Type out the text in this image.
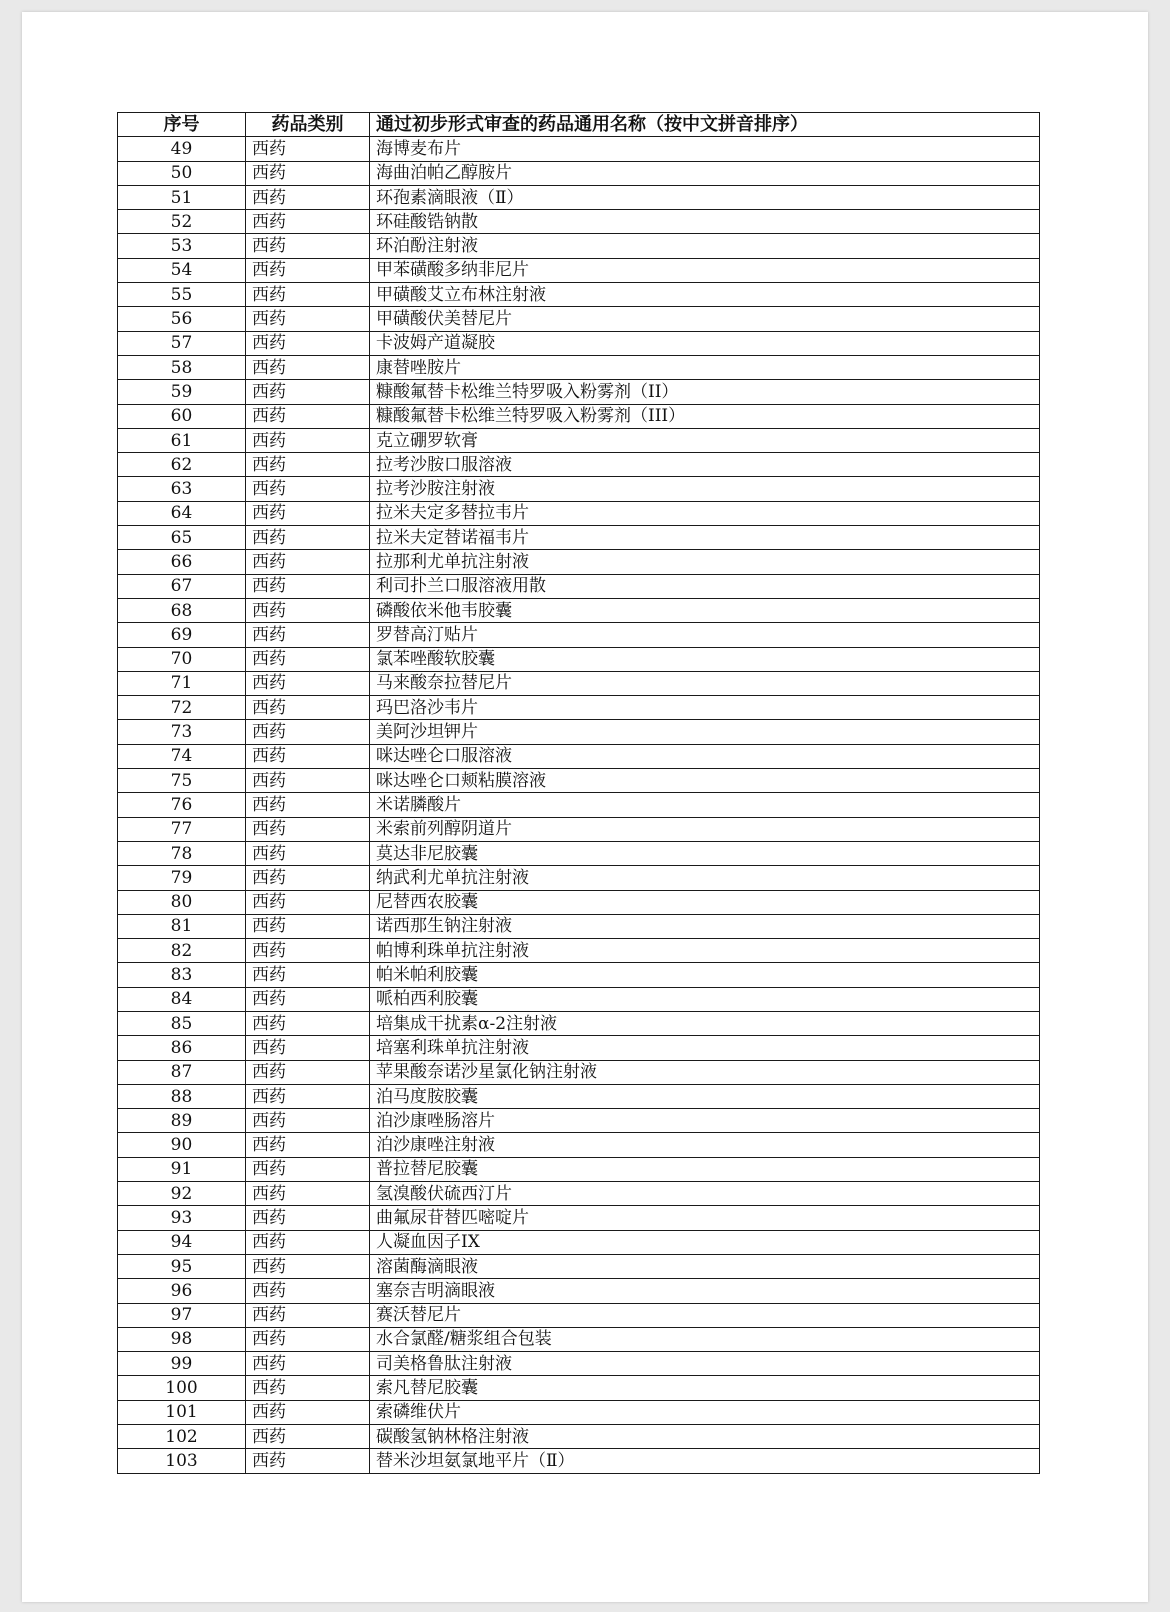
序号	药品类别	通过初步形式审查的药品通用名称（按中文拼音排序）
49	西药	海博麦布片
50	西药	海曲泊帕乙醇胺片
51	西药	环孢素滴眼液（Ⅱ）
52	西药	环硅酸锆钠散
53	西药	环泊酚注射液
54	西药	甲苯磺酸多纳非尼片
55	西药	甲磺酸艾立布林注射液
56	西药	甲磺酸伏美替尼片
57	西药	卡波姆产道凝胶
58	西药	康替唑胺片
59	西药	糠酸氟替卡松维兰特罗吸入粉雾剂（II）
60	西药	糠酸氟替卡松维兰特罗吸入粉雾剂（III）
61	西药	克立硼罗软膏
62	西药	拉考沙胺口服溶液
63	西药	拉考沙胺注射液
64	西药	拉米夫定多替拉韦片
65	西药	拉米夫定替诺福韦片
66	西药	拉那利尤单抗注射液
67	西药	利司扑兰口服溶液用散
68	西药	磷酸依米他韦胶囊
69	西药	罗替高汀贴片
70	西药	氯苯唑酸软胶囊
71	西药	马来酸奈拉替尼片
72	西药	玛巴洛沙韦片
73	西药	美阿沙坦钾片
74	西药	咪达唑仑口服溶液
75	西药	咪达唑仑口颊粘膜溶液
76	西药	米诺膦酸片
77	西药	米索前列醇阴道片
78	西药	莫达非尼胶囊
79	西药	纳武利尤单抗注射液
80	西药	尼替西农胶囊
81	西药	诺西那生钠注射液
82	西药	帕博利珠单抗注射液
83	西药	帕米帕利胶囊
84	西药	哌柏西利胶囊
85	西药	培集成干扰素α-2注射液
86	西药	培塞利珠单抗注射液
87	西药	苹果酸奈诺沙星氯化钠注射液
88	西药	泊马度胺胶囊
89	西药	泊沙康唑肠溶片
90	西药	泊沙康唑注射液
91	西药	普拉替尼胶囊
92	西药	氢溴酸伏硫西汀片
93	西药	曲氟尿苷替匹嘧啶片
94	西药	人凝血因子IX
95	西药	溶菌酶滴眼液
96	西药	塞奈吉明滴眼液
97	西药	赛沃替尼片
98	西药	水合氯醛/糖浆组合包装
99	西药	司美格鲁肽注射液
100	西药	索凡替尼胶囊
101	西药	索磷维伏片
102	西药	碳酸氢钠林格注射液
103	西药	替米沙坦氨氯地平片（Ⅱ）
